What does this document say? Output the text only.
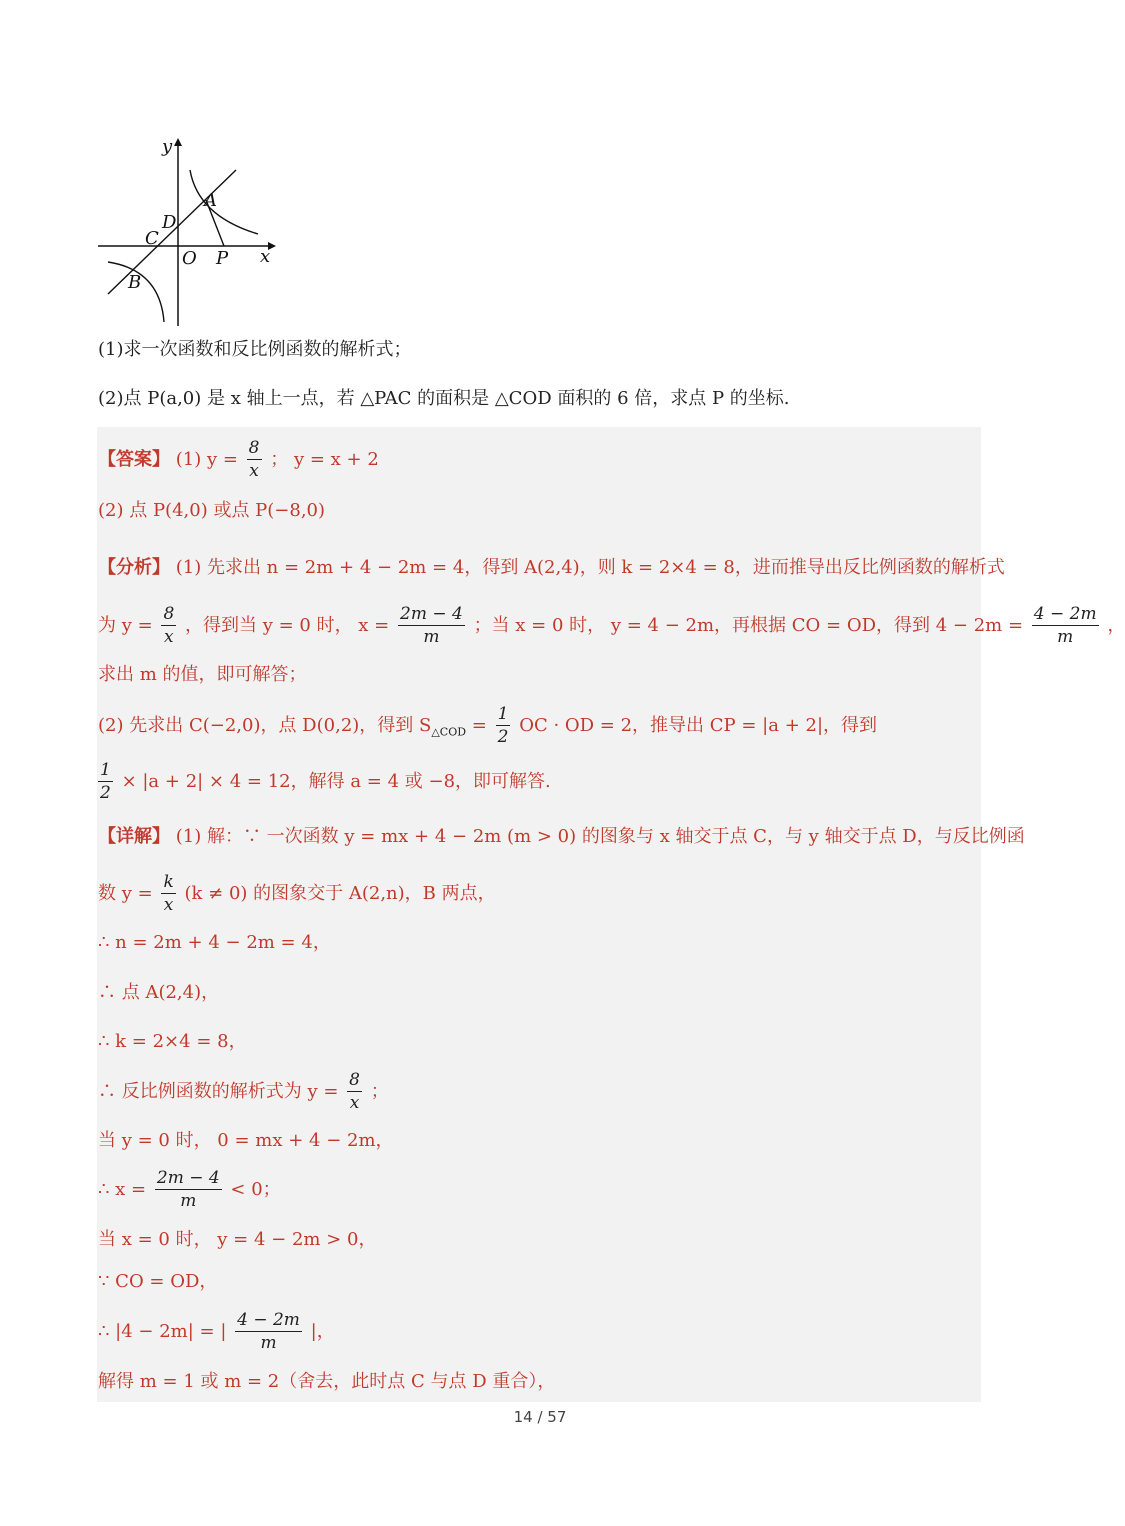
y
x
A
D
C
O P
B
(1)求一次函数和反比例函数的解析式；
(2)点 P(a,0) 是 x 轴上一点，若 △PAC 的面积是 △COD 面积的 6 倍，求点 P 的坐标.
【答案】 (1) $y = \frac{8}{x}$ ； y = x + 2
(2) 点 P(4,0) 或点 P(−8,0)
【分析】 (1) 先求出 n = 2m + 4 − 2m = 4，得到 A(2,4)，则 k = 2×4 = 8，进而推导出反比例函数的解析式
为 $y = \frac{8}{x}$ ，得到当 y = 0 时， $x = \frac{2m - 4}{m}$ ；当 x = 0 时， y = 4 − 2m，再根据 CO = OD，得到 $4 - 2m = \frac{4 - 2m}{m}$ ，
求出 m 的值，即可解答；
(2) 先求出 C(−2,0)，点 D(0,2)，得到 $S_{\triangle COD} = \frac{1}{2}$ OC · OD = 2，推导出 CP = |a + 2|，得到
$\frac{1}{2} \times |a + 2| \times 4 = 12$，解得 a = 4 或 −8，即可解答.
【详解】 (1) 解：∵ 一次函数 y = mx + 4 − 2m (m > 0) 的图象与 x 轴交于点 C，与 y 轴交于点 D，与反比例函
数 $y = \frac{k}{x} (k \ne 0)$ 的图象交于 A(2,n)，B 两点，
∴ n = 2m + 4 − 2m = 4，
∴ 点 A(2,4)，
∴ k = 2×4 = 8，
∴ 反比例函数的解析式为 $y = \frac{8}{x}$ ；
当 y = 0 时， 0 = mx + 4 − 2m，
∴ $x = \frac{2m - 4}{m} < 0$；
当 x = 0 时， y = 4 − 2m > 0，
∵ CO = OD，
∴ |4 − 2m| = | $\frac{4 - 2m}{m}$ |，
解得 m = 1 或 m = 2（舍去，此时点 C 与点 D 重合），
14 / 57
